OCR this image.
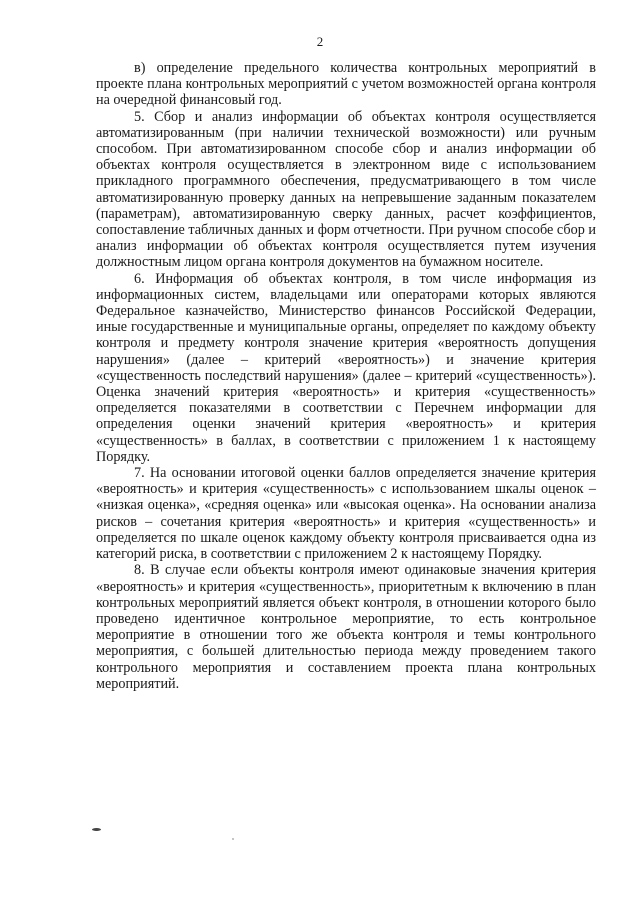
2

в) определение предельного количества контрольных мероприятий в проекте плана контрольных мероприятий с учетом возможностей органа контроля на очередной финансовый год.

5. Сбор и анализ информации об объектах контроля осуществляется автоматизированным (при наличии технической возможности) или ручным способом. При автоматизированном способе сбор и анализ информации об объектах контроля осуществляется в электронном виде с использованием прикладного программного обеспечения, предусматривающего в том числе автоматизированную проверку данных на непревышение заданным показателем (параметрам), автоматизированную сверку данных, расчет коэффициентов, сопоставление табличных данных и форм отчетности. При ручном способе сбор и анализ информации об объектах контроля осуществляется путем изучения должностным лицом органа контроля документов на бумажном носителе.

6. Информация об объектах контроля, в том числе информация из информационных систем, владельцами или операторами которых являются Федеральное казначейство, Министерство финансов Российской Федерации, иные государственные и муниципальные органы, определяет по каждому объекту контроля и предмету контроля значение критерия «вероятность допущения нарушения» (далее – критерий «вероятность») и значение критерия «существенность последствий нарушения» (далее – критерий «существенность»). Оценка значений критерия «вероятность» и критерия «существенность» определяется показателями в соответствии с Перечнем информации для определения оценки значений критерия «вероятность» и критерия «существенность» в баллах, в соответствии с приложением 1 к настоящему Порядку.

7. На основании итоговой оценки баллов определяется значение критерия «вероятность» и критерия «существенность» с использованием шкалы оценок – «низкая оценка», «средняя оценка» или «высокая оценка». На основании анализа рисков – сочетания критерия «вероятность» и критерия «существенность» и определяется по шкале оценок каждому объекту контроля присваивается одна из категорий риска, в соответствии с приложением 2 к настоящему Порядку.

8. В случае если объекты контроля имеют одинаковые значения критерия «вероятность» и критерия «существенность», приоритетным к включению в план контрольных мероприятий является объект контроля, в отношении которого было проведено идентичное контрольное мероприятие, то есть контрольное мероприятие в отношении того же объекта контроля и темы контрольного мероприятия, с большей длительностью периода между проведением такого контрольного мероприятия и составлением проекта плана контрольных мероприятий.
